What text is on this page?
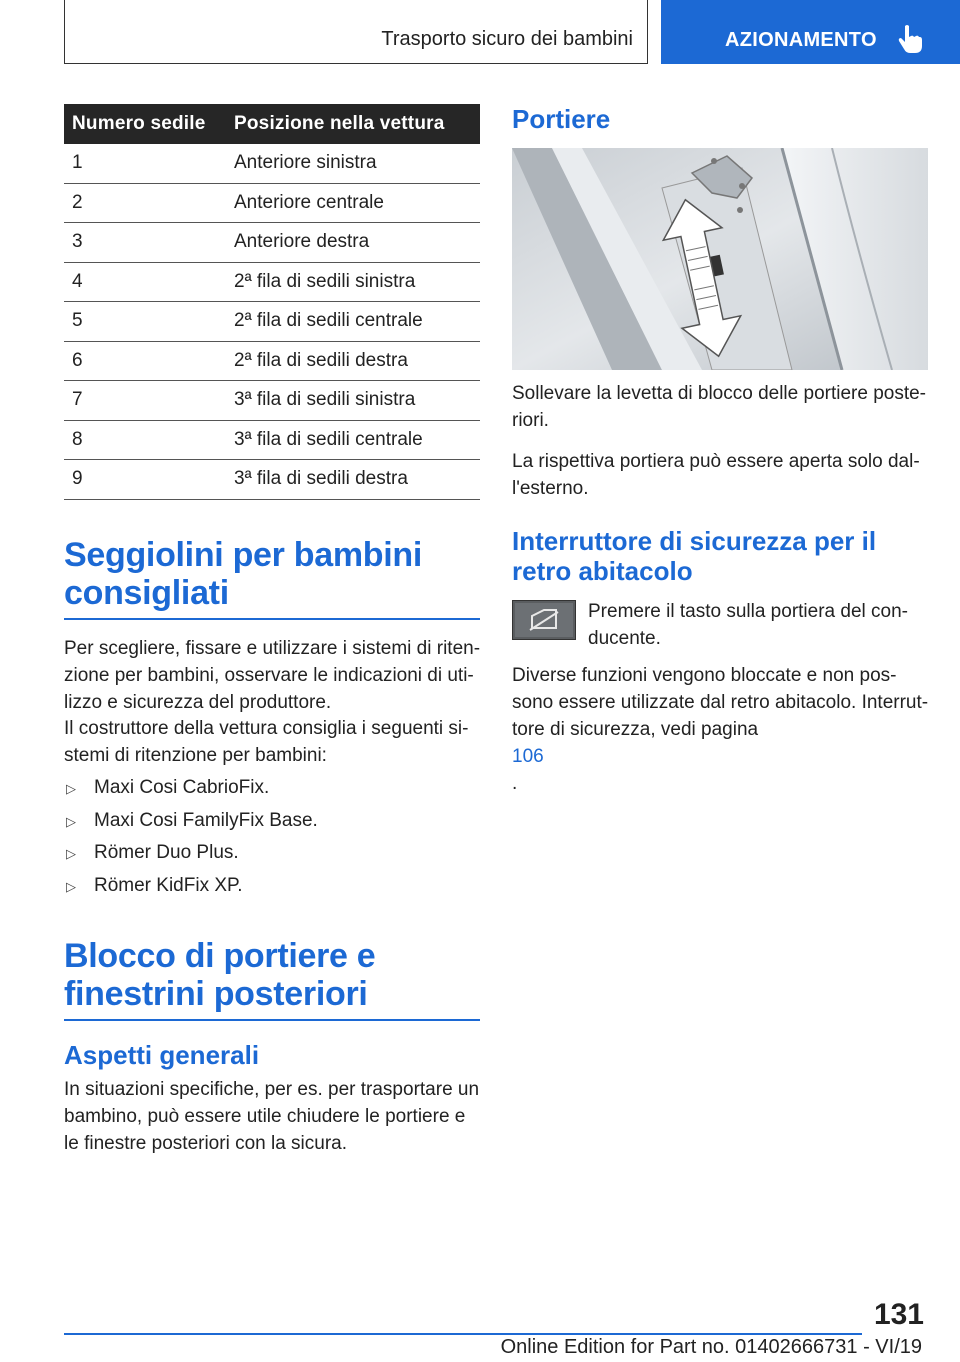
Trasporto sicuro dei bambini	AZIONAMENTO
Numero sedile	Posizione nella vettura
1	Anteriore sinistra
2	Anteriore centrale
3	Anteriore destra
4	2ª fila di sedili sinistra
5	2ª fila di sedili centrale
6	2ª fila di sedili destra
7	3ª fila di sedili sinistra
8	3ª fila di sedili centrale
9	3ª fila di sedili destra
Seggiolini per bambini
consigliati
Per scegliere, fissare e utilizzare i sistemi di riten-
zione per bambini, osservare le indicazioni di uti-
lizzo e sicurezza del produttore.
Il costruttore della vettura consiglia i seguenti si-
stemi di ritenzione per bambini:
▷ Maxi Cosi CabrioFix.
▷ Maxi Cosi FamilyFix Base.
▷ Römer Duo Plus.
▷ Römer KidFix XP.
Blocco di portiere e
finestrini posteriori
Aspetti generali
In situazioni specifiche, per es. per trasportare un
bambino, può essere utile chiudere le portiere e
le finestre posteriori con la sicura.
Portiere
Sollevare la levetta di blocco delle portiere poste-
riori.
La rispettiva portiera può essere aperta solo dal-
l'esterno.
Interruttore di sicurezza per il
retro abitacolo
Premere il tasto sulla portiera del con-
ducente.
Diverse funzioni vengono bloccate e non pos-
sono essere utilizzate dal retro abitacolo. Interrut-
tore di sicurezza, vedi pagina
106
.
131
Online Edition for Part no. 01402666731 - VI/19
